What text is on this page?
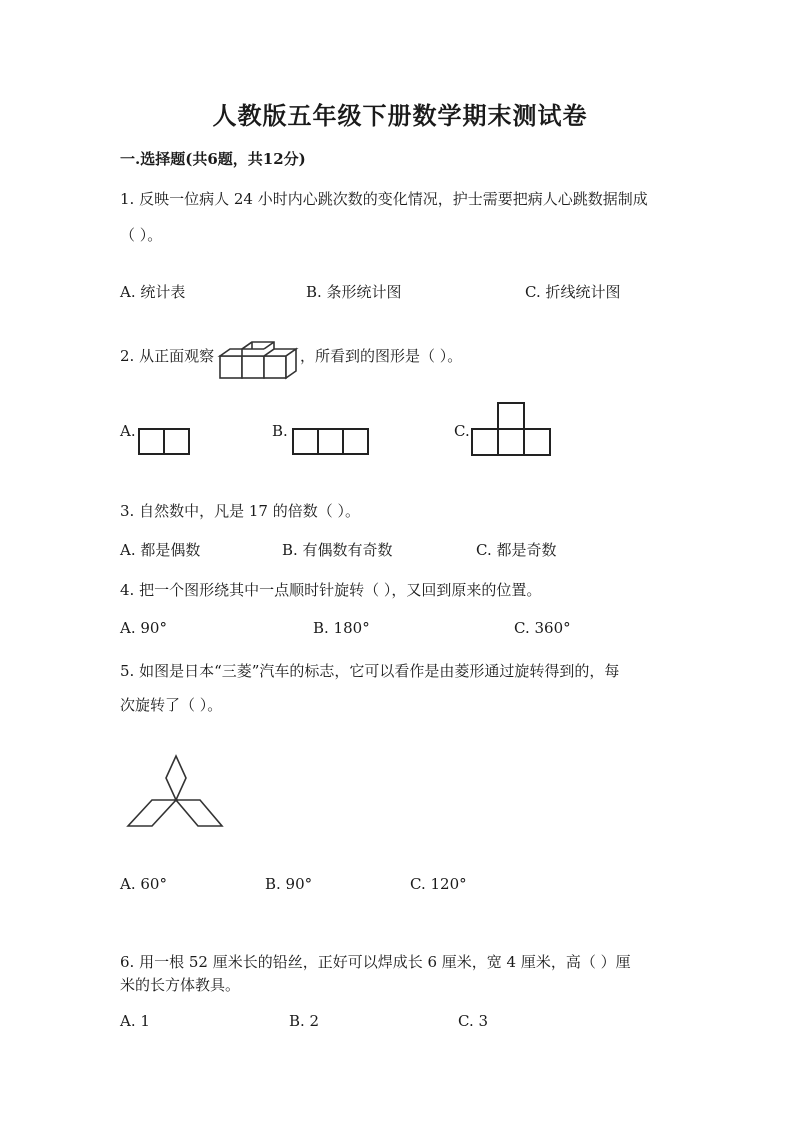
人教版五年级下册数学期末测试卷
一.选择题(共6题，共12分)
1. 反映一位病人 24 小时内心跳次数的变化情况，护士需要把病人心跳数据制成
（ ）。
A. 统计表	B. 条形统计图	C. 折线统计图
2. 从正面观察	，所看到的图形是（ ）。
A.	B.	C.
3. 自然数中，凡是 17 的倍数（ ）。
A. 都是偶数	B. 有偶数有奇数	C. 都是奇数
4. 把一个图形绕其中一点顺时针旋转（ ），又回到原来的位置。
A. 90°	B. 180°	C. 360°
5. 如图是日本“三菱”汽车的标志，它可以看作是由菱形通过旋转得到的，每
次旋转了（ ）。
A. 60°	B. 90°	C. 120°
6. 用一根 52 厘米长的铅丝，正好可以焊成长 6 厘米，宽 4 厘米，高（ ）厘
米的长方体教具。
A. 1	B. 2	C. 3
